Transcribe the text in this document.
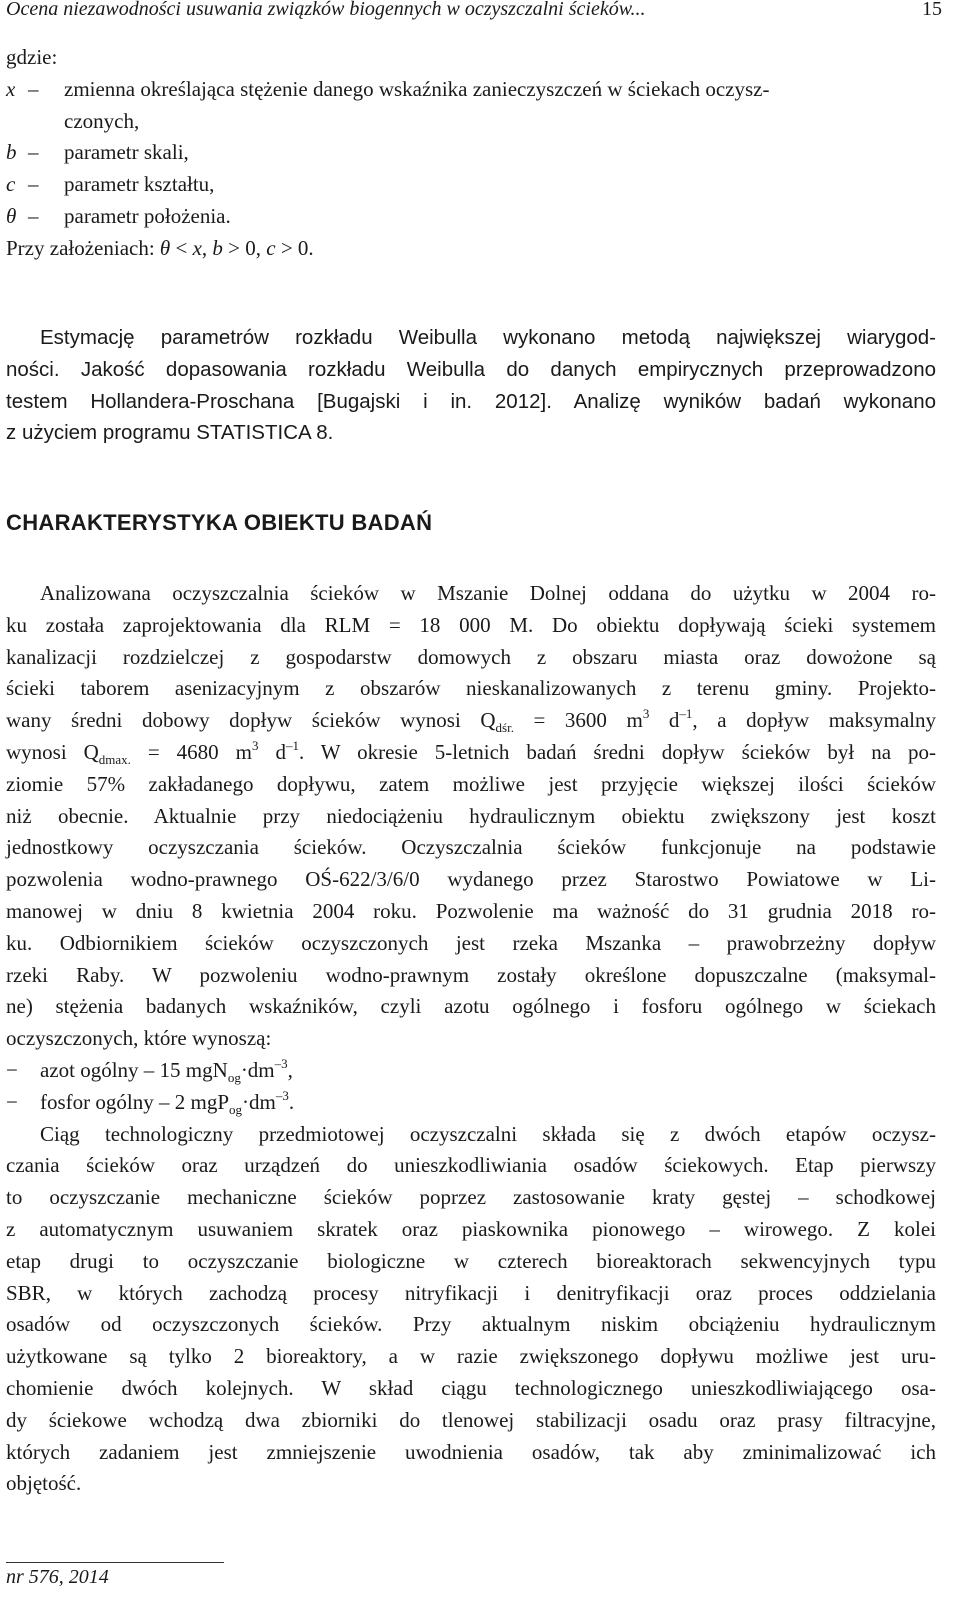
Ocena niezawodności usuwania związków biogennych w oczyszczalni ścieków...	15
gdzie:
x – zmienna określająca stężenie danego wskaźnika zanieczyszczeń w ściekach oczysz-
czonych,
b – parametr skali,
c – parametr kształtu,
θ – parametr położenia.
Przy założeniach: θ < x, b > 0, c > 0.
Estymację parametrów rozkładu Weibulla wykonano metodą największej wiarygod-
ności. Jakość dopasowania rozkładu Weibulla do danych empirycznych przeprowadzono
testem Hollandera-Proschana [Bugajski i in. 2012]. Analizę wyników badań wykonano
z użyciem programu STATISTICA 8.
CHARAKTERYSTYKA OBIEKTU BADAŃ
Analizowana oczyszczalnia ścieków w Mszanie Dolnej oddana do użytku w 2004 ro-
ku została zaprojektowania dla RLM = 18 000 M. Do obiektu dopływają ścieki systemem
kanalizacji rozdzielczej z gospodarstw domowych z obszaru miasta oraz dowożone są
ścieki taborem asenizacyjnym z obszarów nieskanalizowanych z terenu gminy. Projekto-
wany średni dobowy dopływ ścieków wynosi $Q_{dśr.} = 3600$ $m^3$ $d^{-1}$, a dopływ maksymalny
wynosi $Q_{dmax.} = 4680$ $m^3$ $d^{-1}$. W okresie 5-letnich badań średni dopływ ścieków był na po-
ziomie 57% zakładanego dopływu, zatem możliwe jest przyjęcie większej ilości ścieków
niż obecnie. Aktualnie przy niedociążeniu hydraulicznym obiektu zwiększony jest koszt
jednostkowy oczyszczania ścieków. Oczyszczalnia ścieków funkcjonuje na podstawie
pozwolenia wodno-prawnego OŚ-622/3/6/0 wydanego przez Starostwo Powiatowe w Li-
manowej w dniu 8 kwietnia 2004 roku. Pozwolenie ma ważność do 31 grudnia 2018 ro-
ku. Odbiornikiem ścieków oczyszczonych jest rzeka Mszanka – prawobrzeżny dopływ
rzeki Raby. W pozwoleniu wodno-prawnym zostały określone dopuszczalne (maksymal-
ne) stężenia badanych wskaźników, czyli azotu ogólnego i fosforu ogólnego w ściekach
oczyszczonych, które wynoszą:
− azot ogólny – 15 $mgN_{og}\cdot dm^{-3}$,
− fosfor ogólny – 2 $mgP_{og}\cdot dm^{-3}$.
Ciąg technologiczny przedmiotowej oczyszczalni składa się z dwóch etapów oczysz-
czania ścieków oraz urządzeń do unieszkodliwiania osadów ściekowych. Etap pierwszy
to oczyszczanie mechaniczne ścieków poprzez zastosowanie kraty gęstej – schodkowej
z automatycznym usuwaniem skratek oraz piaskownika pionowego – wirowego. Z kolei
etap drugi to oczyszczanie biologiczne w czterech bioreaktorach sekwencyjnych typu
SBR, w których zachodzą procesy nitryfikacji i denitryfikacji oraz proces oddzielania
osadów od oczyszczonych ścieków. Przy aktualnym niskim obciążeniu hydraulicznym
użytkowane są tylko 2 bioreaktory, a w razie zwiększonego dopływu możliwe jest uru-
chomienie dwóch kolejnych. W skład ciągu technologicznego unieszkodliwiającego osa-
dy ściekowe wchodzą dwa zbiorniki do tlenowej stabilizacji osadu oraz prasy filtracyjne,
których zadaniem jest zmniejszenie uwodnienia osadów, tak aby zminimalizować ich
objętość.
nr 576, 2014
